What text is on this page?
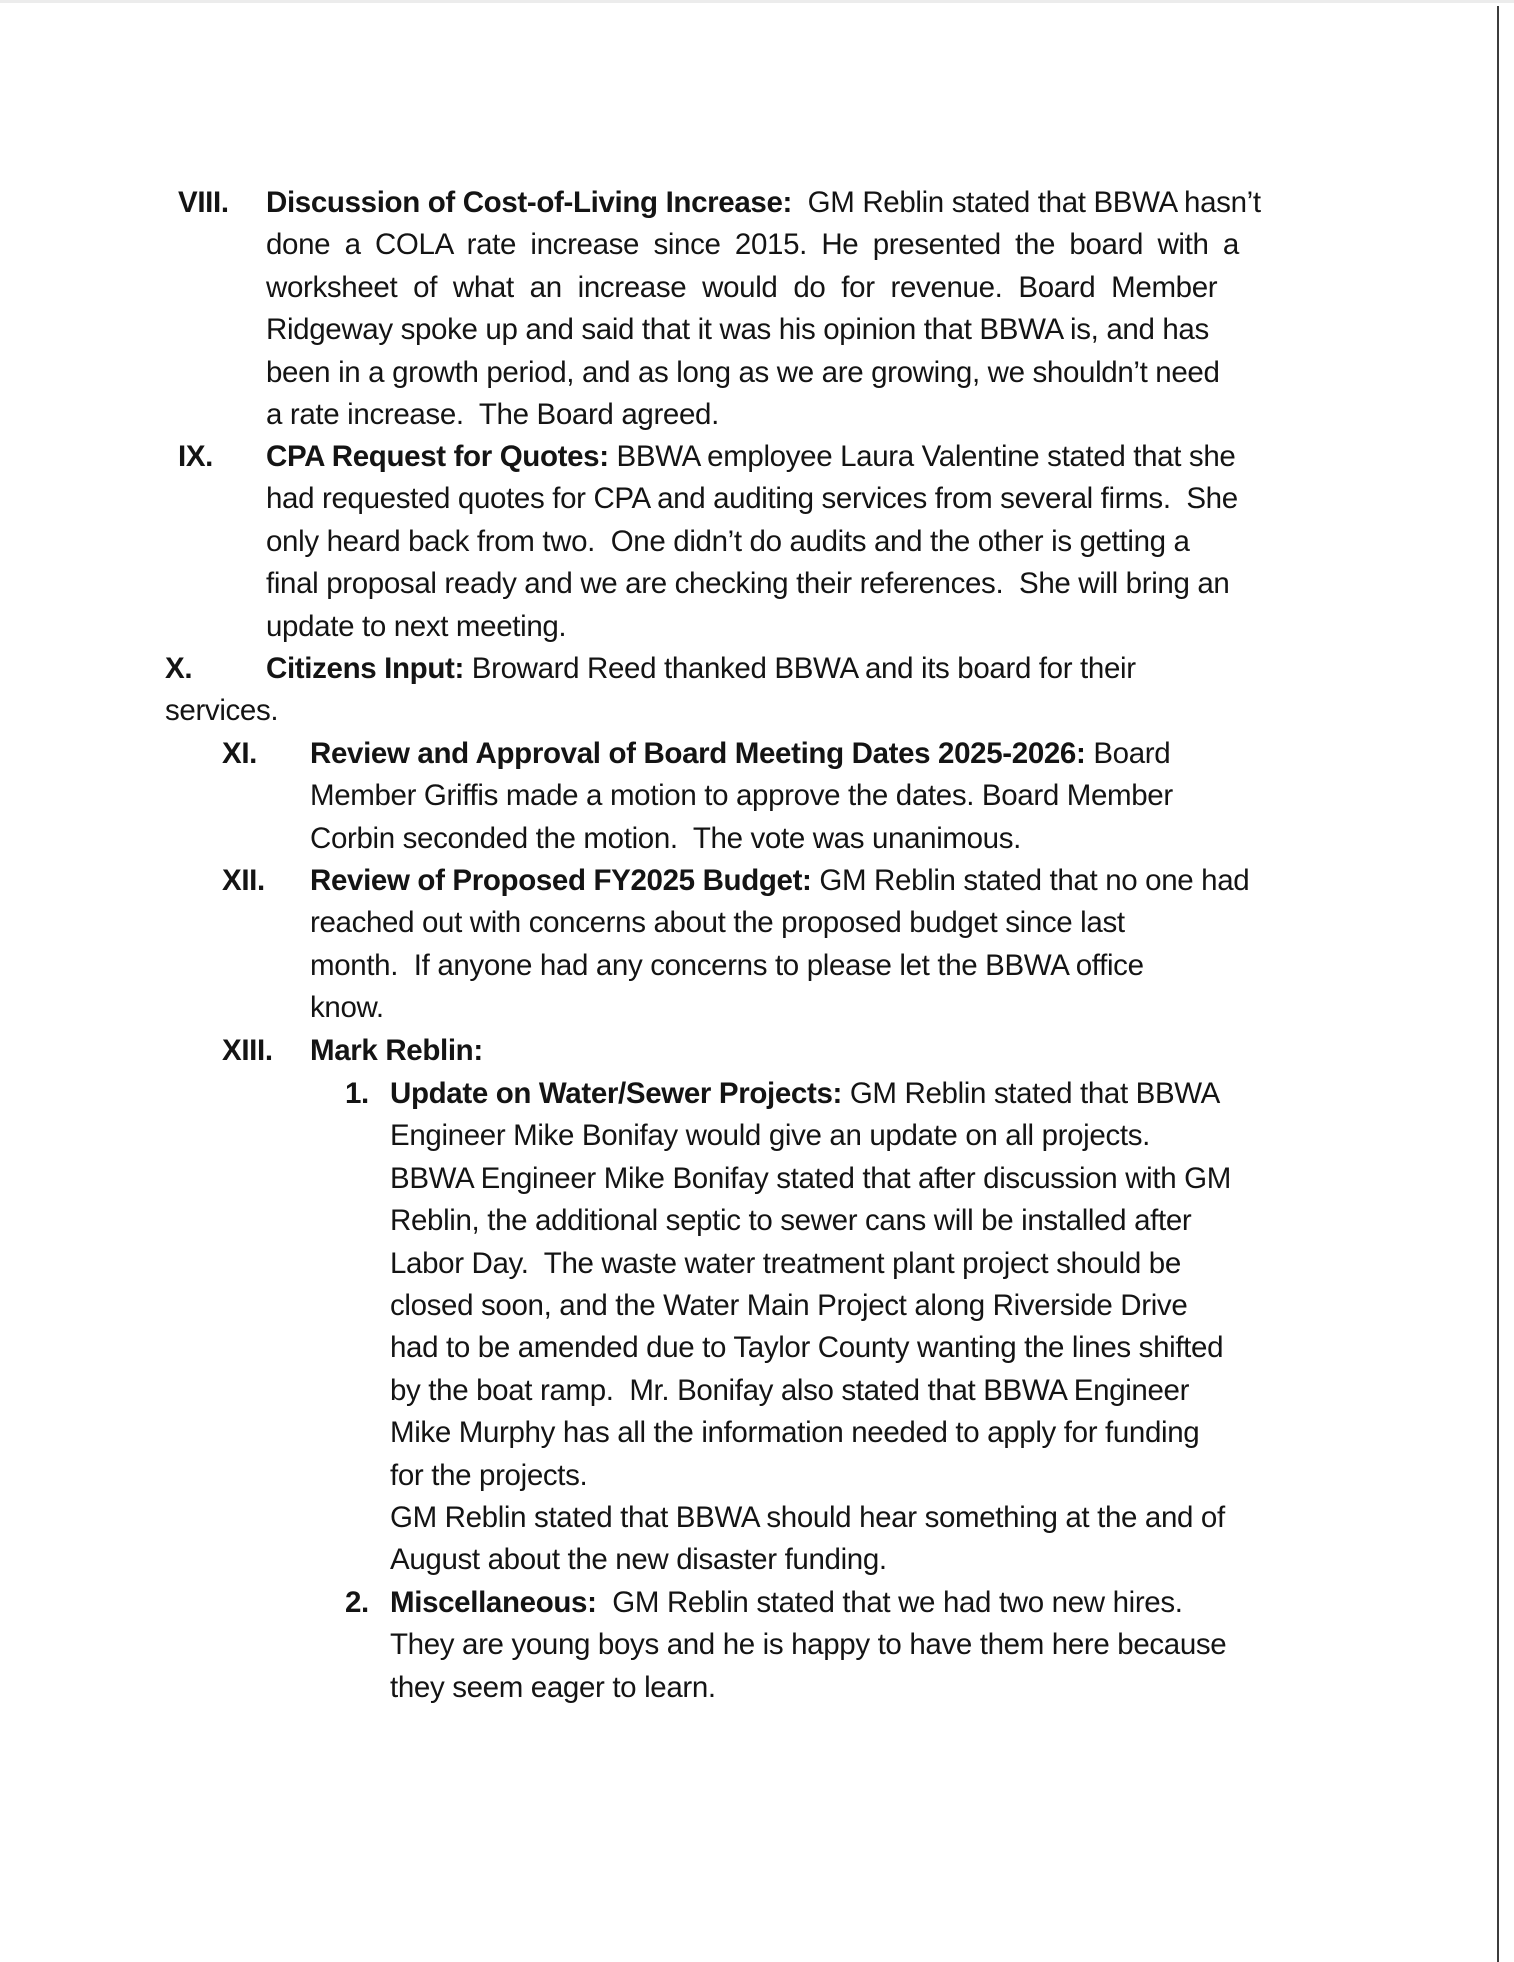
VIII. Discussion of Cost-of-Living Increase:  GM Reblin stated that BBWA hasn’t
done a COLA rate increase since 2015. He presented the board with a
worksheet of what an increase would do for revenue. Board Member
Ridgeway spoke up and said that it was his opinion that BBWA is, and has
been in a growth period, and as long as we are growing, we shouldn’t need
a rate increase.  The Board agreed.
IX. CPA Request for Quotes: BBWA employee Laura Valentine stated that she
had requested quotes for CPA and auditing services from several firms.  She
only heard back from two.  One didn’t do audits and the other is getting a
final proposal ready and we are checking their references.  She will bring an
update to next meeting.
X.	Citizens Input: Broward Reed thanked BBWA and its board for their
services.
XI. Review and Approval of Board Meeting Dates 2025-2026: Board
Member Griffis made a motion to approve the dates. Board Member
Corbin seconded the motion.  The vote was unanimous.
XII. Review of Proposed FY2025 Budget: GM Reblin stated that no one had
reached out with concerns about the proposed budget since last
month.  If anyone had any concerns to please let the BBWA office
know.
XIII. Mark Reblin:
1. Update on Water/Sewer Projects: GM Reblin stated that BBWA
Engineer Mike Bonifay would give an update on all projects.
BBWA Engineer Mike Bonifay stated that after discussion with GM
Reblin, the additional septic to sewer cans will be installed after
Labor Day.  The waste water treatment plant project should be
closed soon, and the Water Main Project along Riverside Drive
had to be amended due to Taylor County wanting the lines shifted
by the boat ramp.  Mr. Bonifay also stated that BBWA Engineer
Mike Murphy has all the information needed to apply for funding
for the projects.
GM Reblin stated that BBWA should hear something at the and of
August about the new disaster funding.
2. Miscellaneous:  GM Reblin stated that we had two new hires.
They are young boys and he is happy to have them here because
they seem eager to learn.
